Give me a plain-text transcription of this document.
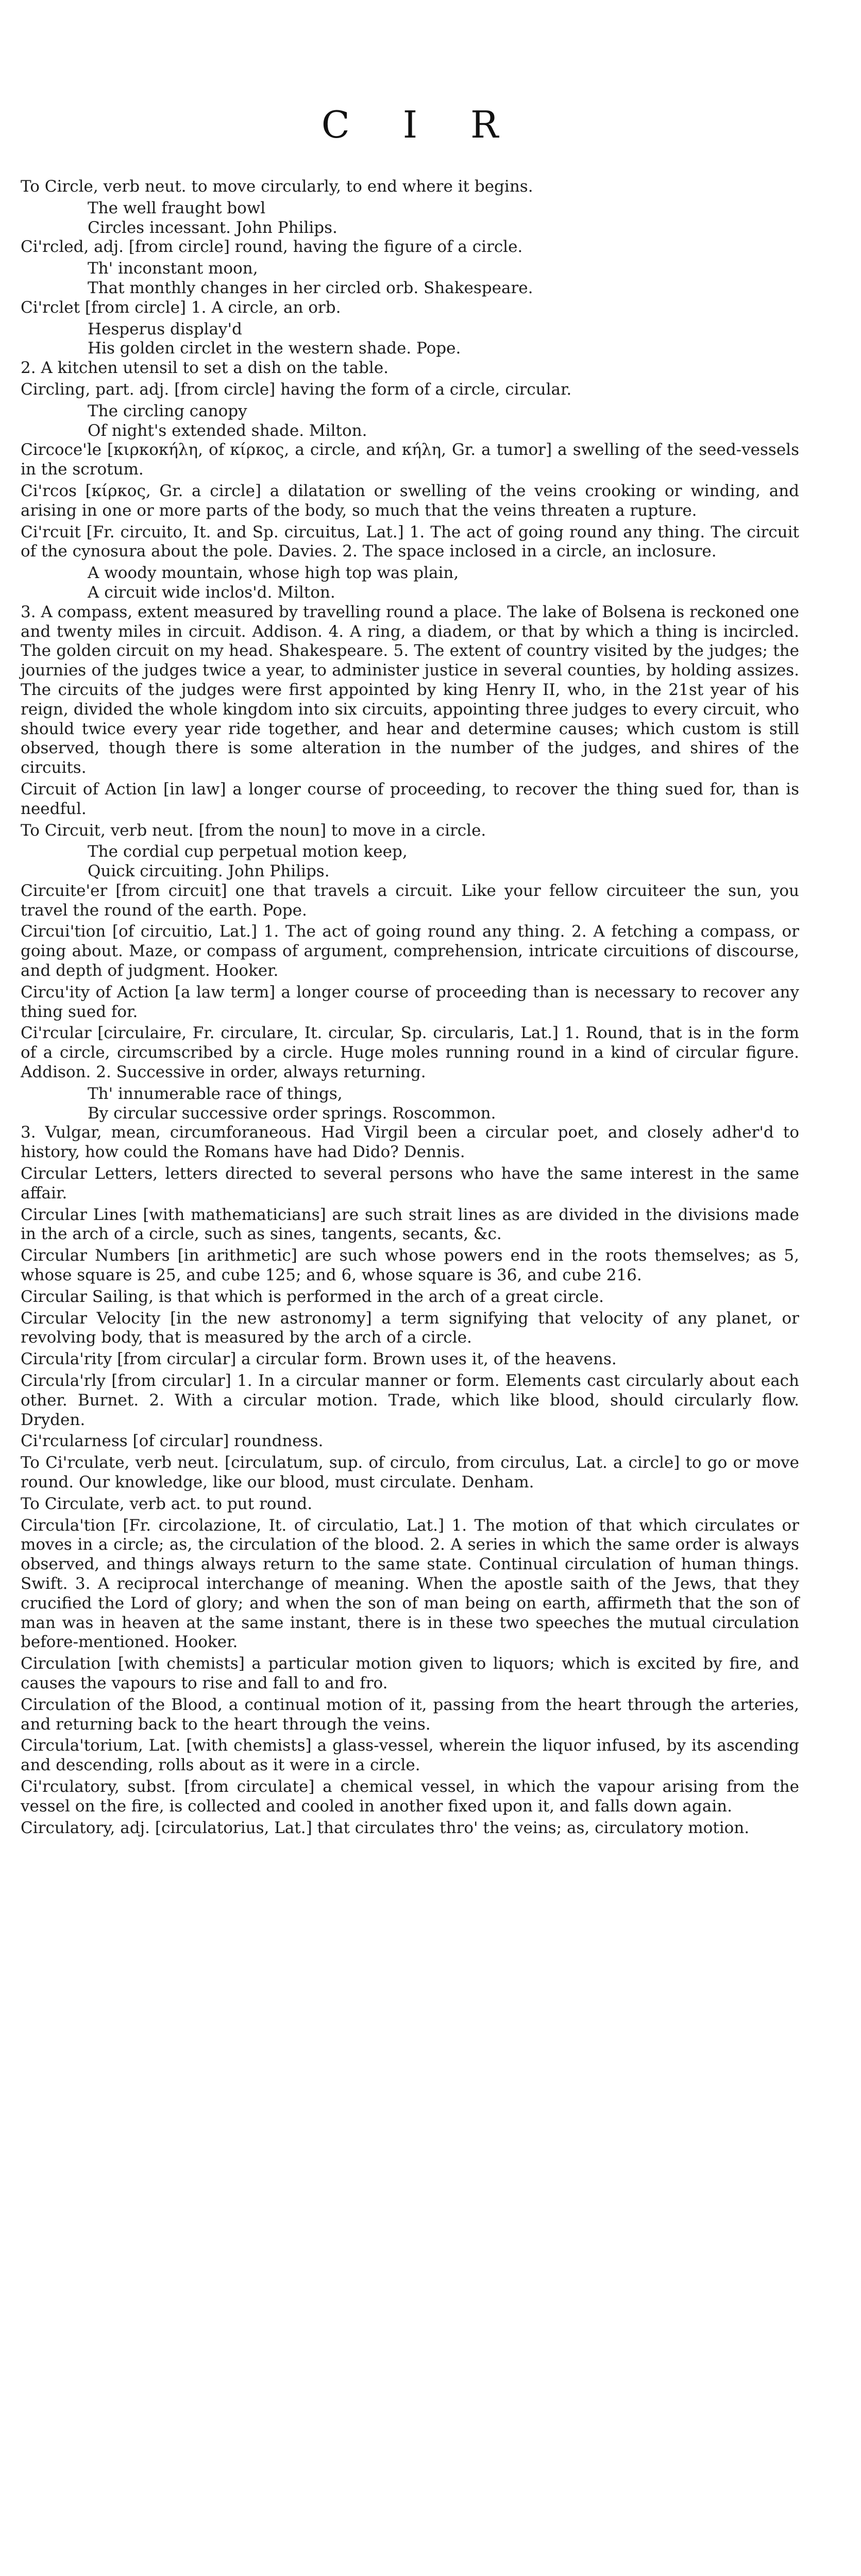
C I R

To Circle, verb neut. to move circularly, to end where it begins.

The well fraught bowl
Circles incessant. John Philips.

Ci'rcled, adj. [from circle] round, having the figure of a circle.

Th' inconstant moon,
That monthly changes in her circled orb. Shakespeare.

Ci'rclet [from circle] 1. A circle, an orb.

Hesperus display'd
His golden circlet in the western shade. Pope.

2. A kitchen utensil to set a dish on the table.

Circling, part. adj. [from circle] having the form of a circle, circular.

The circling canopy
Of night's extended shade. Milton.

Circoce'le [κιρκοκήλη, of κίρκος, a circle, and κήλη, Gr. a tumor] a swelling of the seed-vessels in the scrotum.

Ci'rcos [κίρκος, Gr. a circle] a dilatation or swelling of the veins crooking or winding, and arising in one or more parts of the body, so much that the veins threaten a rupture.

Ci'rcuit [Fr. circuito, It. and Sp. circuitus, Lat.] 1. The act of going round any thing. The circuit of the cynosura about the pole. Davies. 2. The space inclosed in a circle, an inclosure.

A woody mountain, whose high top was plain,
A circuit wide inclos'd. Milton.

3. A compass, extent measured by travelling round a place. The lake of Bolsena is reckoned one and twenty miles in circuit. Addison. 4. A ring, a diadem, or that by which a thing is incircled. The golden circuit on my head. Shakespeare. 5. The extent of country visited by the judges; the journies of the judges twice a year, to administer justice in several counties, by holding assizes. The circuits of the judges were first appointed by king Henry II, who, in the 21st year of his reign, divided the whole kingdom into six circuits, appointing three judges to every circuit, who should twice every year ride together, and hear and determine causes; which custom is still observed, though there is some alteration in the number of the judges, and shires of the circuits.

Circuit of Action [in law] a longer course of proceeding, to recover the thing sued for, than is needful.

To Circuit, verb neut. [from the noun] to move in a circle.

The cordial cup perpetual motion keep,
Quick circuiting. John Philips.

Circuite'er [from circuit] one that travels a circuit. Like your fellow circuiteer the sun, you travel the round of the earth. Pope.

Circui'tion [of circuitio, Lat.] 1. The act of going round any thing. 2. A fetching a compass, or going about. Maze, or compass of argument, comprehension, intricate circuitions of discourse, and depth of judgment. Hooker.

Circu'ity of Action [a law term] a longer course of proceeding than is necessary to recover any thing sued for.

Ci'rcular [circulaire, Fr. circulare, It. circular, Sp. circularis, Lat.] 1. Round, that is in the form of a circle, circumscribed by a circle. Huge moles running round in a kind of circular figure. Addison. 2. Successive in order, always returning.

Th' innumerable race of things,
By circular successive order springs. Roscommon.

3. Vulgar, mean, circumforaneous. Had Virgil been a circular poet, and closely adher'd to history, how could the Romans have had Dido? Dennis.

Circular Letters, letters directed to several persons who have the same interest in the same affair.

Circular Lines [with mathematicians] are such strait lines as are divided in the divisions made in the arch of a circle, such as sines, tangents, secants, &c.

Circular Numbers [in arithmetic] are such whose powers end in the roots themselves; as 5, whose square is 25, and cube 125; and 6, whose square is 36, and cube 216.

Circular Sailing, is that which is performed in the arch of a great circle.

Circular Velocity [in the new astronomy] a term signifying that velocity of any planet, or revolving body, that is measured by the arch of a circle.

Circula'rity [from circular] a circular form. Brown uses it, of the heavens.

Circula'rly [from circular] 1. In a circular manner or form. Elements cast circularly about each other. Burnet. 2. With a circular motion. Trade, which like blood, should circularly flow. Dryden.

Ci'rcularness [of circular] roundness.

To Ci'rculate, verb neut. [circulatum, sup. of circulo, from circulus, Lat. a circle] to go or move round. Our knowledge, like our blood, must circulate. Denham.

To Circulate, verb act. to put round.

Circula'tion [Fr. circolazione, It. of circulatio, Lat.] 1. The motion of that which circulates or moves in a circle; as, the circulation of the blood. 2. A series in which the same order is always observed, and things always return to the same state. Continual circulation of human things. Swift. 3. A reciprocal interchange of meaning. When the apostle saith of the Jews, that they crucified the Lord of glory; and when the son of man being on earth, affirmeth that the son of man was in heaven at the same instant, there is in these two speeches the mutual circulation before-mentioned. Hooker.

Circulation [with chemists] a particular motion given to liquors; which is excited by fire, and causes the vapours to rise and fall to and fro.

Circulation of the Blood, a continual motion of it, passing from the heart through the arteries, and returning back to the heart through the veins.

Circula'torium, Lat. [with chemists] a glass-vessel, wherein the liquor infused, by its ascending and descending, rolls about as it were in a circle.

Ci'rculatory, subst. [from circulate] a chemical vessel, in which the vapour arising from the vessel on the fire, is collected and cooled in another fixed upon it, and falls down again.

Circulatory, adj. [circulatorius, Lat.] that circulates thro' the veins; as, circulatory motion.
